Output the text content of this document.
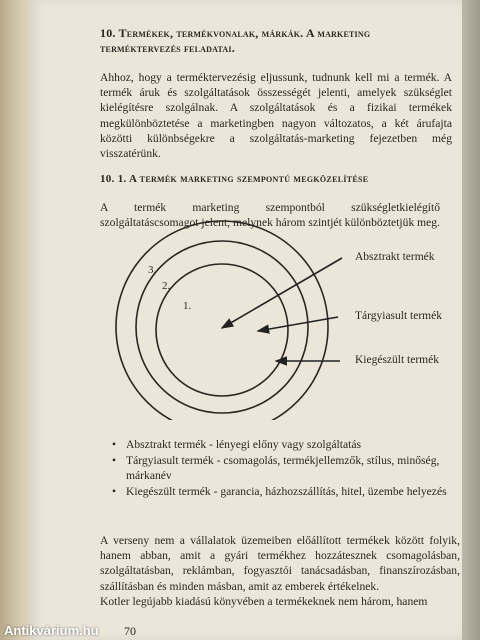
10. Termékek, termékvonalak, márkák. A marketing terméktervezés feladatai.
Ahhoz, hogy a terméktervezésig eljussunk, tudnunk kell mi a termék. A termék áruk és szolgáltatások összességét jelenti, amelyek szükséglet kielégítésre szolgálnak. A szolgáltatások és a fizikai termékek megkülönböztetése a marketingben nagyon változatos, a két árufajta közötti különbségekre a szolgáltatás-marketing fejezetben még visszatérünk.
10. 1. A termék marketing szempontú megközelítése
A termék marketing szempontból szükségletkielégítő szolgáltatáscsomagot jelent, melynek három szintjét különböztetjük meg.
3.
2.
1.
Absztrakt termék
Tárgyiasult termék
Kiegészült termék
• Absztrakt termék - lényegi előny vagy szolgáltatás
• Tárgyiasult termék - csomagolás, termékjellemzők, stílus, minőség, márkanév
• Kiegészült termék - garancia, házhozszállítás, hitel, üzembe helyezés
A verseny nem a vállalatok üzemeiben előállított termékek között folyik, hanem abban, amit a gyári termékhez hozzátesznek csomagolásban, szolgáltatásban, reklámban, fogyasztói tanácsadásban, finanszírozásban, szállításban és minden másban, amit az emberek értékelnek.
Kotler legújabb kiadású könyvében a termékeknek nem három, hanem
70
Antikvárium.hu
